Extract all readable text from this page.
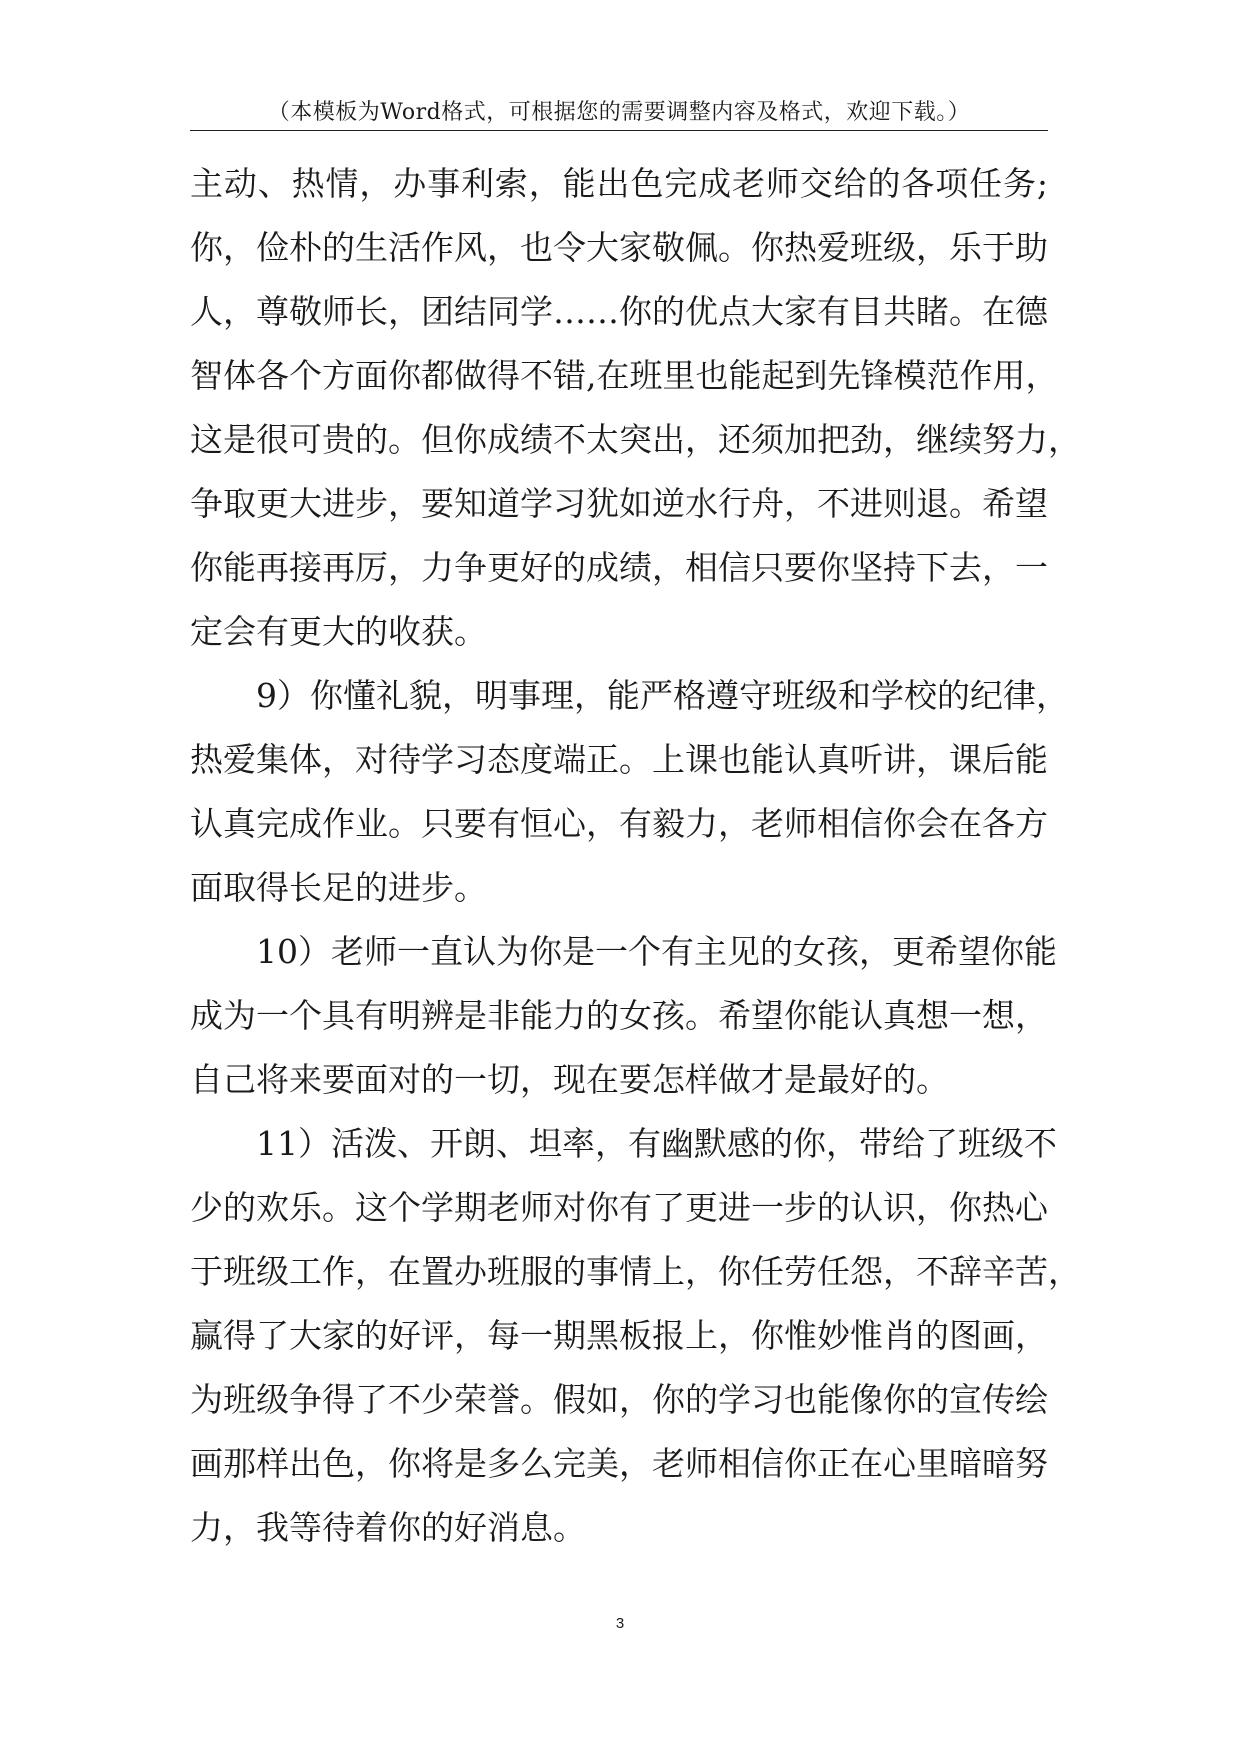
（本模板为Word格式，可根据您的需要调整内容及格式，欢迎下载。）
主动、热情，办事利索，能出色完成老师交给的各项任务;
你，俭朴的生活作风，也令大家敬佩。你热爱班级，乐于助
人，尊敬师长，团结同学……你的优点大家有目共睹。在德
智体各个方面你都做得不错,在班里也能起到先锋模范作用，
这是很可贵的。但你成绩不太突出，还须加把劲，继续努力，
争取更大进步，要知道学习犹如逆水行舟，不进则退。希望
你能再接再厉，力争更好的成绩，相信只要你坚持下去，一
定会有更大的收获。
9）你懂礼貌，明事理，能严格遵守班级和学校的纪律，
热爱集体，对待学习态度端正。上课也能认真听讲，课后能
认真完成作业。只要有恒心，有毅力，老师相信你会在各方
面取得长足的进步。
10）老师一直认为你是一个有主见的女孩，更希望你能
成为一个具有明辨是非能力的女孩。希望你能认真想一想，
自己将来要面对的一切，现在要怎样做才是最好的。
11）活泼、开朗、坦率，有幽默感的你，带给了班级不
少的欢乐。这个学期老师对你有了更进一步的认识，你热心
于班级工作，在置办班服的事情上，你任劳任怨，不辞辛苦，
赢得了大家的好评，每一期黑板报上，你惟妙惟肖的图画，
为班级争得了不少荣誉。假如，你的学习也能像你的宣传绘
画那样出色，你将是多么完美，老师相信你正在心里暗暗努
力，我等待着你的好消息。
3
